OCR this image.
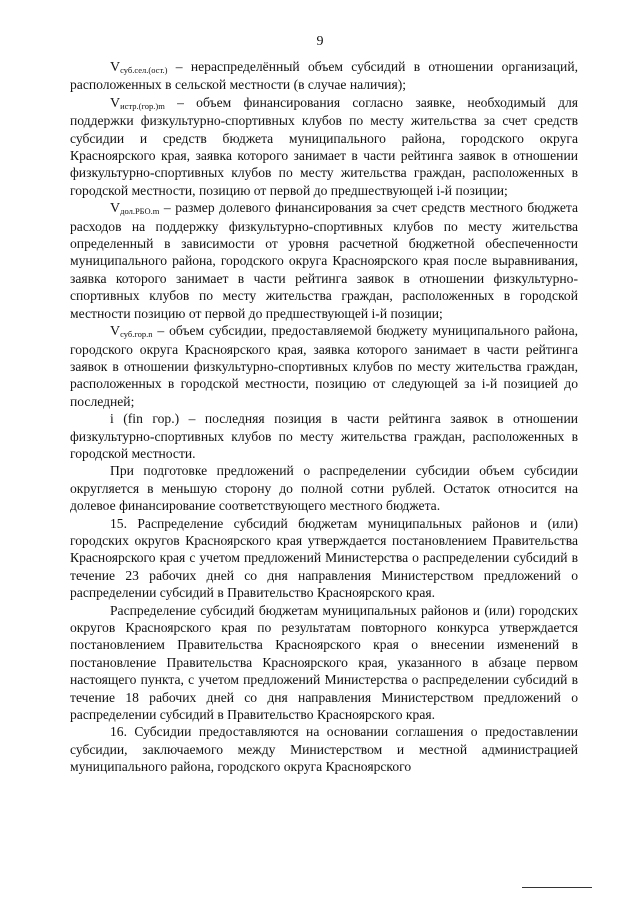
9

$V_{суб.сел.(ост.)}$ – нераспределённый объем субсидий в отношении организаций, расположенных в сельской местности (в случае наличия);

$V_{истр.(гор.)m}$ – объем финансирования согласно заявке, необходимый для поддержки физкультурно-спортивных клубов по месту жительства за счет средств субсидии и средств бюджета муниципального района, городского округа Красноярского края, заявка которого занимает в части рейтинга заявок в отношении физкультурно-спортивных клубов по месту жительства граждан, расположенных в городской местности, позицию от первой до предшествующей i-й позиции;

$V_{дол.РБО.m}$ – размер долевого финансирования за счет средств местного бюджета расходов на поддержку физкультурно-спортивных клубов по месту жительства определенный в зависимости от уровня расчетной бюджетной обеспеченности муниципального района, городского округа Красноярского края после выравнивания, заявка которого занимает в части рейтинга заявок в отношении физкультурно-спортивных клубов по месту жительства граждан, расположенных в городской местности позицию от первой до предшествующей i-й позиции;

$V_{суб.гор.n}$ – объем субсидии, предоставляемой бюджету муниципального района, городского округа Красноярского края, заявка которого занимает в части рейтинга заявок в отношении физкультурно-спортивных клубов по месту жительства граждан, расположенных в городской местности, позицию от следующей за i-й позицией до последней;

i (fin гор.) – последняя позиция в части рейтинга заявок в отношении физкультурно-спортивных клубов по месту жительства граждан, расположенных в городской местности.

При подготовке предложений о распределении субсидии объем субсидии округляется в меньшую сторону до полной сотни рублей. Остаток относится на долевое финансирование соответствующего местного бюджета.

15. Распределение субсидий бюджетам муниципальных районов и (или) городских округов Красноярского края утверждается постановлением Правительства Красноярского края с учетом предложений Министерства о распределении субсидий в течение 23 рабочих дней со дня направления Министерством предложений о распределении субсидий в Правительство Красноярского края.

Распределение субсидий бюджетам муниципальных районов и (или) городских округов Красноярского края по результатам повторного конкурса утверждается постановлением Правительства Красноярского края о внесении изменений в постановление Правительства Красноярского края, указанного в абзаце первом настоящего пункта, с учетом предложений Министерства о распределении субсидий в течение 18 рабочих дней со дня направления Министерством предложений о распределении субсидий в Правительство Красноярского края.

16. Субсидии предоставляются на основании соглашения о предоставлении субсидии, заключаемого между Министерством и местной администрацией муниципального района, городского округа Красноярского
